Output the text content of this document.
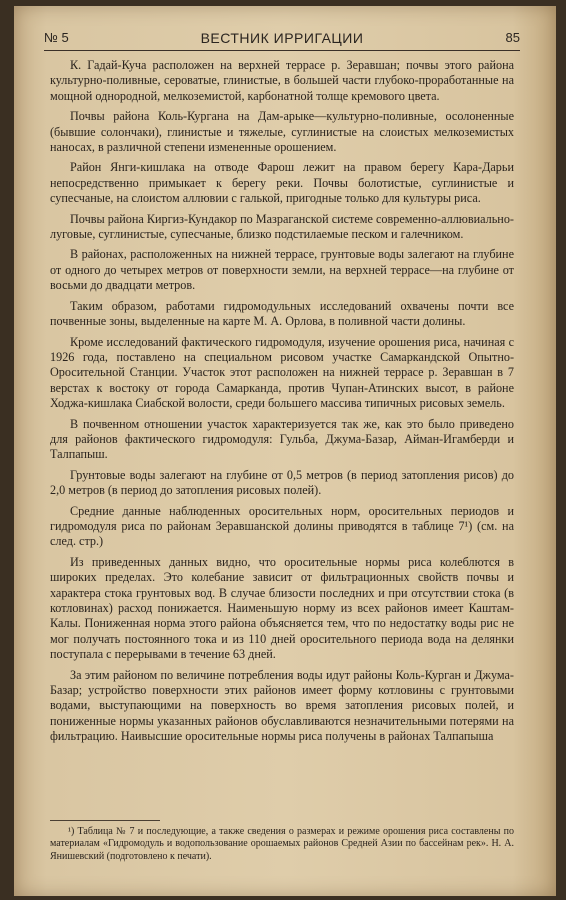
№ 5	ВЕСТНИК ИРРИГАЦИИ	85

К. Гадай-Куча расположен на верхней террасе р. Зеравшан; почвы этого района культурно-поливные, сероватые, глинистые, в большей части глубоко-проработанные на мощной однородной, мелкоземистой, карбонатной толще кремового цвета.

Почвы района Коль-Кургана на Дам-арыке—культурно-поливные, осолоненные (бывшие солончаки), глинистые и тяжелые, суглинистые на слоистых мелкоземистых наносах, в различной степени измененные орошением.

Район Янги-кишлака на отводе Фарош лежит на правом берегу Кара-Дарьи непосредственно примыкает к берегу реки. Почвы болотистые, суглинистые и супесчаные, на слоистом аллювии с галькой, пригодные только для культуры риса.

Почвы района Киргиз-Кундакор по Мазраганской системе современно-аллювиально-луговые, суглинистые, супесчаные, близко подстилаемые песком и галечником.

В районах, расположенных на нижней террасе, грунтовые воды залегают на глубине от одного до четырех метров от поверхности земли, на верхней террасе—на глубине от восьми до двадцати метров.

Таким образом, работами гидромодульных исследований охвачены почти все почвенные зоны, выделенные на карте М. А. Орлова, в поливной части долины.

Кроме исследований фактического гидромодуля, изучение орошения риса, начиная с 1926 года, поставлено на специальном рисовом участке Самаркандской Опытно-Оросительной Станции. Участок этот расположен на нижней террасе р. Зеравшан в 7 верстах к востоку от города Самарканда, против Чупан-Атинских высот, в районе Ходжа-кишлака Сиабской волости, среди большего массива типичных рисовых земель.

В почвенном отношении участок характеризуется так же, как это было приведено для районов фактического гидромодуля: Гульба, Джума-Базар, Айман-Игамберди и Талпапыш.

Грунтовые воды залегают на глубине от 0,5 метров (в период затопления рисов) до 2,0 метров (в период до затопления рисовых полей).

Средние данные наблюденных оросительных норм, оросительных периодов и гидромодуля риса по районам Зеравшанской долины приводятся в таблице 7¹) (см. на след. стр.)

Из приведенных данных видно, что оросительные нормы риса колеблются в широких пределах. Это колебание зависит от фильтрационных свойств почвы и характера стока грунтовых вод. В случае близости последних и при отсутствии стока (в котловинах) расход понижается. Наименьшую норму из всех районов имеет Каштам-Калы. Пониженная норма этого района объясняется тем, что по недостатку воды рис не мог получать постоянного тока и из 110 дней оросительного периода вода на делянки поступала с перерывами в течение 63 дней.

За этим районом по величине потребления воды идут районы Коль-Курган и Джума-Базар; устройство поверхности этих районов имеет форму котловины с грунтовыми водами, выступающими на поверхность во время затопления рисовых полей, и пониженные нормы указанных районов обуславливаются незначительными потерями на фильтрацию. Наивысшие оросительные нормы риса получены в районах Талпапыша

¹) Таблица № 7 и последующие, а также сведения о размерах и режиме орошения риса составлены по материалам «Гидромодуль и водопользование орошаемых районов Средней Азии по бассейнам рек». Н. А. Янишевский (подготовлено к печати).
